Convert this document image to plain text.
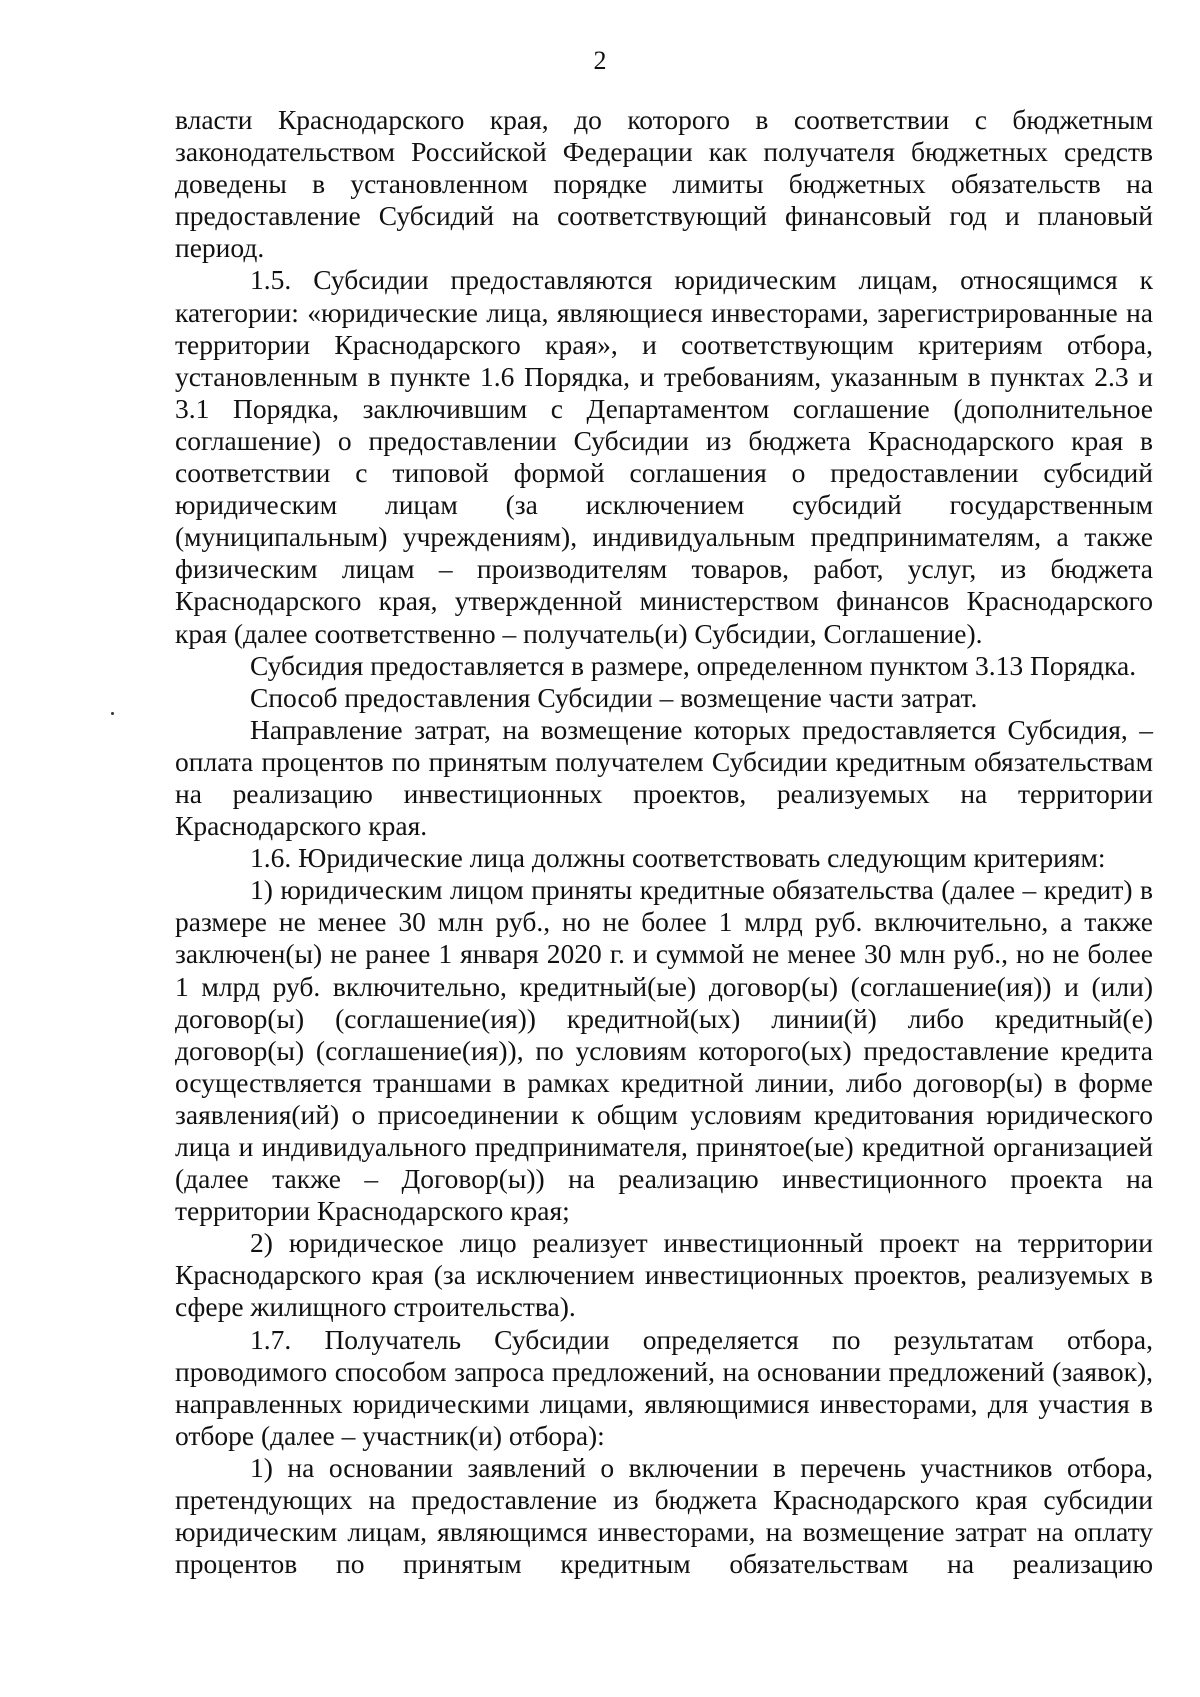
2

власти Краснодарского края, до которого в соответствии с бюджетным законодательством Российской Федерации как получателя бюджетных средств доведены в установленном порядке лимиты бюджетных обязательств на предоставление Субсидий на соответствующий финансовый год и плановый период.

1.5. Субсидии предоставляются юридическим лицам, относящимся к категории: «юридические лица, являющиеся инвесторами, зарегистрированные на территории Краснодарского края», и соответствующим критериям отбора, установленным в пункте 1.6 Порядка, и требованиям, указанным в пунктах 2.3 и 3.1 Порядка, заключившим с Департаментом соглашение (дополнительное соглашение) о предоставлении Субсидии из бюджета Краснодарского края в соответствии с типовой формой соглашения о предоставлении субсидий юридическим лицам (за исключением субсидий государственным (муниципальным) учреждениям), индивидуальным предпринимателям, а также физическим лицам – производителям товаров, работ, услуг, из бюджета Краснодарского края, утвержденной министерством финансов Краснодарского края (далее соответственно – получатель(и) Субсидии, Соглашение).

Субсидия предоставляется в размере, определенном пунктом 3.13 Порядка.

Способ предоставления Субсидии – возмещение части затрат.

Направление затрат, на возмещение которых предоставляется Субсидия, – оплата процентов по принятым получателем Субсидии кредитным обязательствам на реализацию инвестиционных проектов, реализуемых на территории Краснодарского края.

1.6. Юридические лица должны соответствовать следующим критериям:

1) юридическим лицом приняты кредитные обязательства (далее – кредит) в размере не менее 30 млн руб., но не более 1 млрд руб. включительно, а также заключен(ы) не ранее 1 января 2020 г. и суммой не менее 30 млн руб., но не более 1 млрд руб. включительно, кредитный(ые) договор(ы) (соглашение(ия)) и (или) договор(ы) (соглашение(ия)) кредитной(ых) линии(й) либо кредитный(е) договор(ы) (соглашение(ия)), по условиям которого(ых) предоставление кредита осуществляется траншами в рамках кредитной линии, либо договор(ы) в форме заявления(ий) о присоединении к общим условиям кредитования юридического лица и индивидуального предпринимателя, принятое(ые) кредитной организацией (далее также – Договор(ы)) на реализацию инвестиционного проекта на территории Краснодарского края;

2) юридическое лицо реализует инвестиционный проект на территории Краснодарского края (за исключением инвестиционных проектов, реализуемых в сфере жилищного строительства).

1.7. Получатель Субсидии определяется по результатам отбора, проводимого способом запроса предложений, на основании предложений (заявок), направленных юридическими лицами, являющимися инвесторами, для участия в отборе (далее – участник(и) отбора):

1) на основании заявлений о включении в перечень участников отбора, претендующих на предоставление из бюджета Краснодарского края субсидии юридическим лицам, являющимся инвесторами, на возмещение затрат на оплату процентов по принятым кредитным обязательствам на реализацию
